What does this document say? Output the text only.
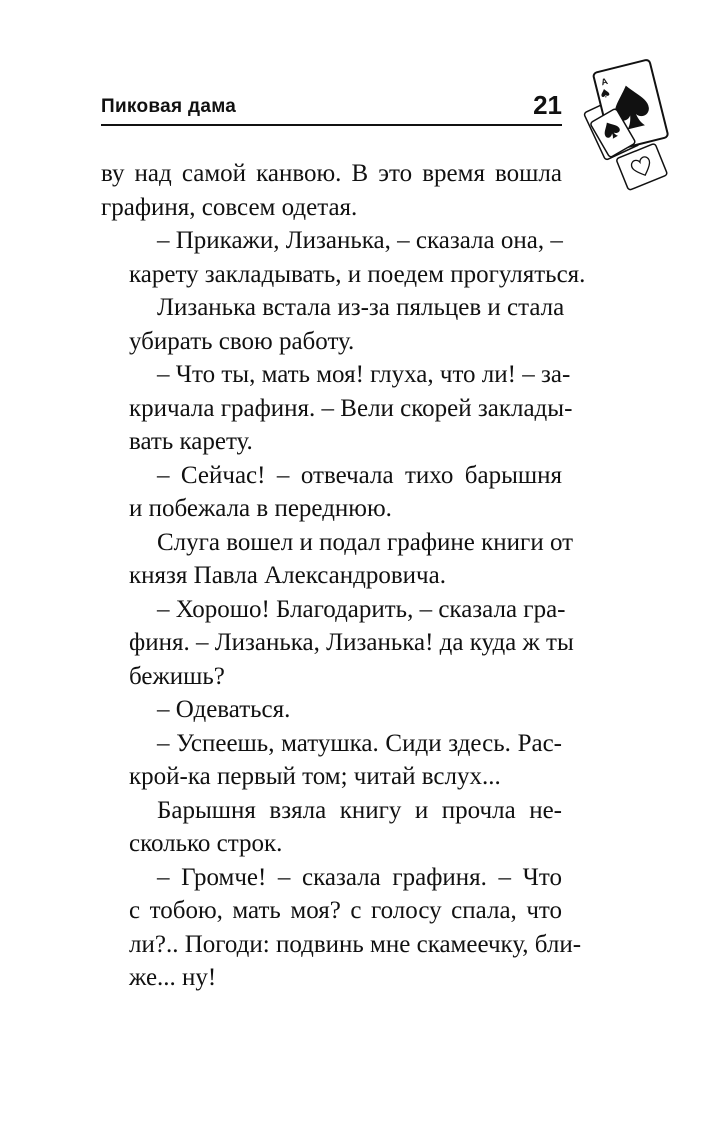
Пиковая дама	21
A
ву над самой канвою. В это время вошла
графиня, совсем одетая.
– Прикажи, Лизанька, – сказала она, –
карету закладывать, и поедем прогуляться.
Лизанька встала из-за пяльцев и стала
убирать свою работу.
– Что ты, мать моя! глуха, что ли! – за-
кричала графиня. – Вели скорей заклады-
вать карету.
– Сейчас! – отвечала тихо барышня
и побежала в переднюю.
Слуга вошел и подал графине книги от
князя Павла Александровича.
– Хорошо! Благодарить, – сказала гра-
финя. – Лизанька, Лизанька! да куда ж ты
бежишь?
– Одеваться.
– Успеешь, матушка. Сиди здесь. Рас-
крой-ка первый том; читай вслух...
Барышня взяла книгу и прочла не-
сколько строк.
– Громче! – сказала графиня. – Что
с тобою, мать моя? с голосу спала, что
ли?.. Погоди: подвинь мне скамеечку, бли-
же... ну!
